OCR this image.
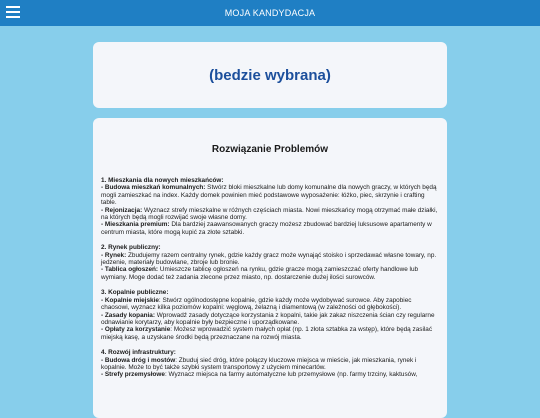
MOJA KANDYDACJA
(bedzie wybrana)
Rozwiązanie Problemów
1. Mieszkania dla nowych mieszkańców:
- Budowa mieszkań komunalnych: Stwórz bloki mieszkalne lub domy komunalne dla nowych graczy, w których będą mogli zamieszkać na index. Każdy domek powinien mieć podstawowe wyposażenie: łóżko, piec, skrzynie i crafting table.
- Rejonizacja: Wyznacz strefy mieszkalne w różnych częściach miasta. Nowi mieszkańcy mogą otrzymać małe działki, na których będą mogli rozwijać swoje własne domy.
- Mieszkania premium: Dla bardziej zaawansowanych graczy możesz zbudować bardziej luksusowe apartamenty w centrum miasta, które mogą kupić za złote sztabki.
2. Rynek publiczny:
- Rynek: Zbudujemy razem centralny rynek, gdzie każdy gracz może wynająć stoisko i sprzedawać własne towary, np. jedzenie, materiały budowlane, zbroje lub bronie.
- Tablica ogłoszeń: Umieszcze tablicę ogłoszeń na rynku, gdzie gracze mogą zamieszczać oferty handlowe lub wymiany. Moge dodać też zadania zlecone przez miasto, np. dostarczenie dużej ilości surowców.
3. Kopalnie publiczne:
- Kopalnie miejskie: Stwórz ogólnodostępne kopalnie, gdzie każdy może wydobywać surowce. Aby zapobiec chaosowi, wyznacz kilka poziomów kopalni: węglową, żelazną i diamentową (w zależności od głębokości).
- Zasady kopania: Wprowadź zasady dotyczące korzystania z kopalni, takie jak zakaz niszczenia ścian czy regularne odnawianie korytarzy, aby kopalnie były bezpieczne i uporządkowane.
- Opłaty za korzystanie: Możesz wprowadzić system małych opłat (np. 1 złota sztabka za wstęp), które będą zasilać miejską kasę, a uzyskane środki będą przeznaczane na rozwój miasta.
4. Rozwój infrastruktury:
- Budowa dróg i mostów: Zbuduj sieć dróg, które połączy kluczowe miejsca w mieście, jak mieszkania, rynek i kopalnie. Może to być także szybki system transportowy z użyciem minecartów.
- Strefy przemysłowe: Wyznacz miejsca na farmy automatyczne lub przemysłowe (np. farmy trzciny, kaktusów,
